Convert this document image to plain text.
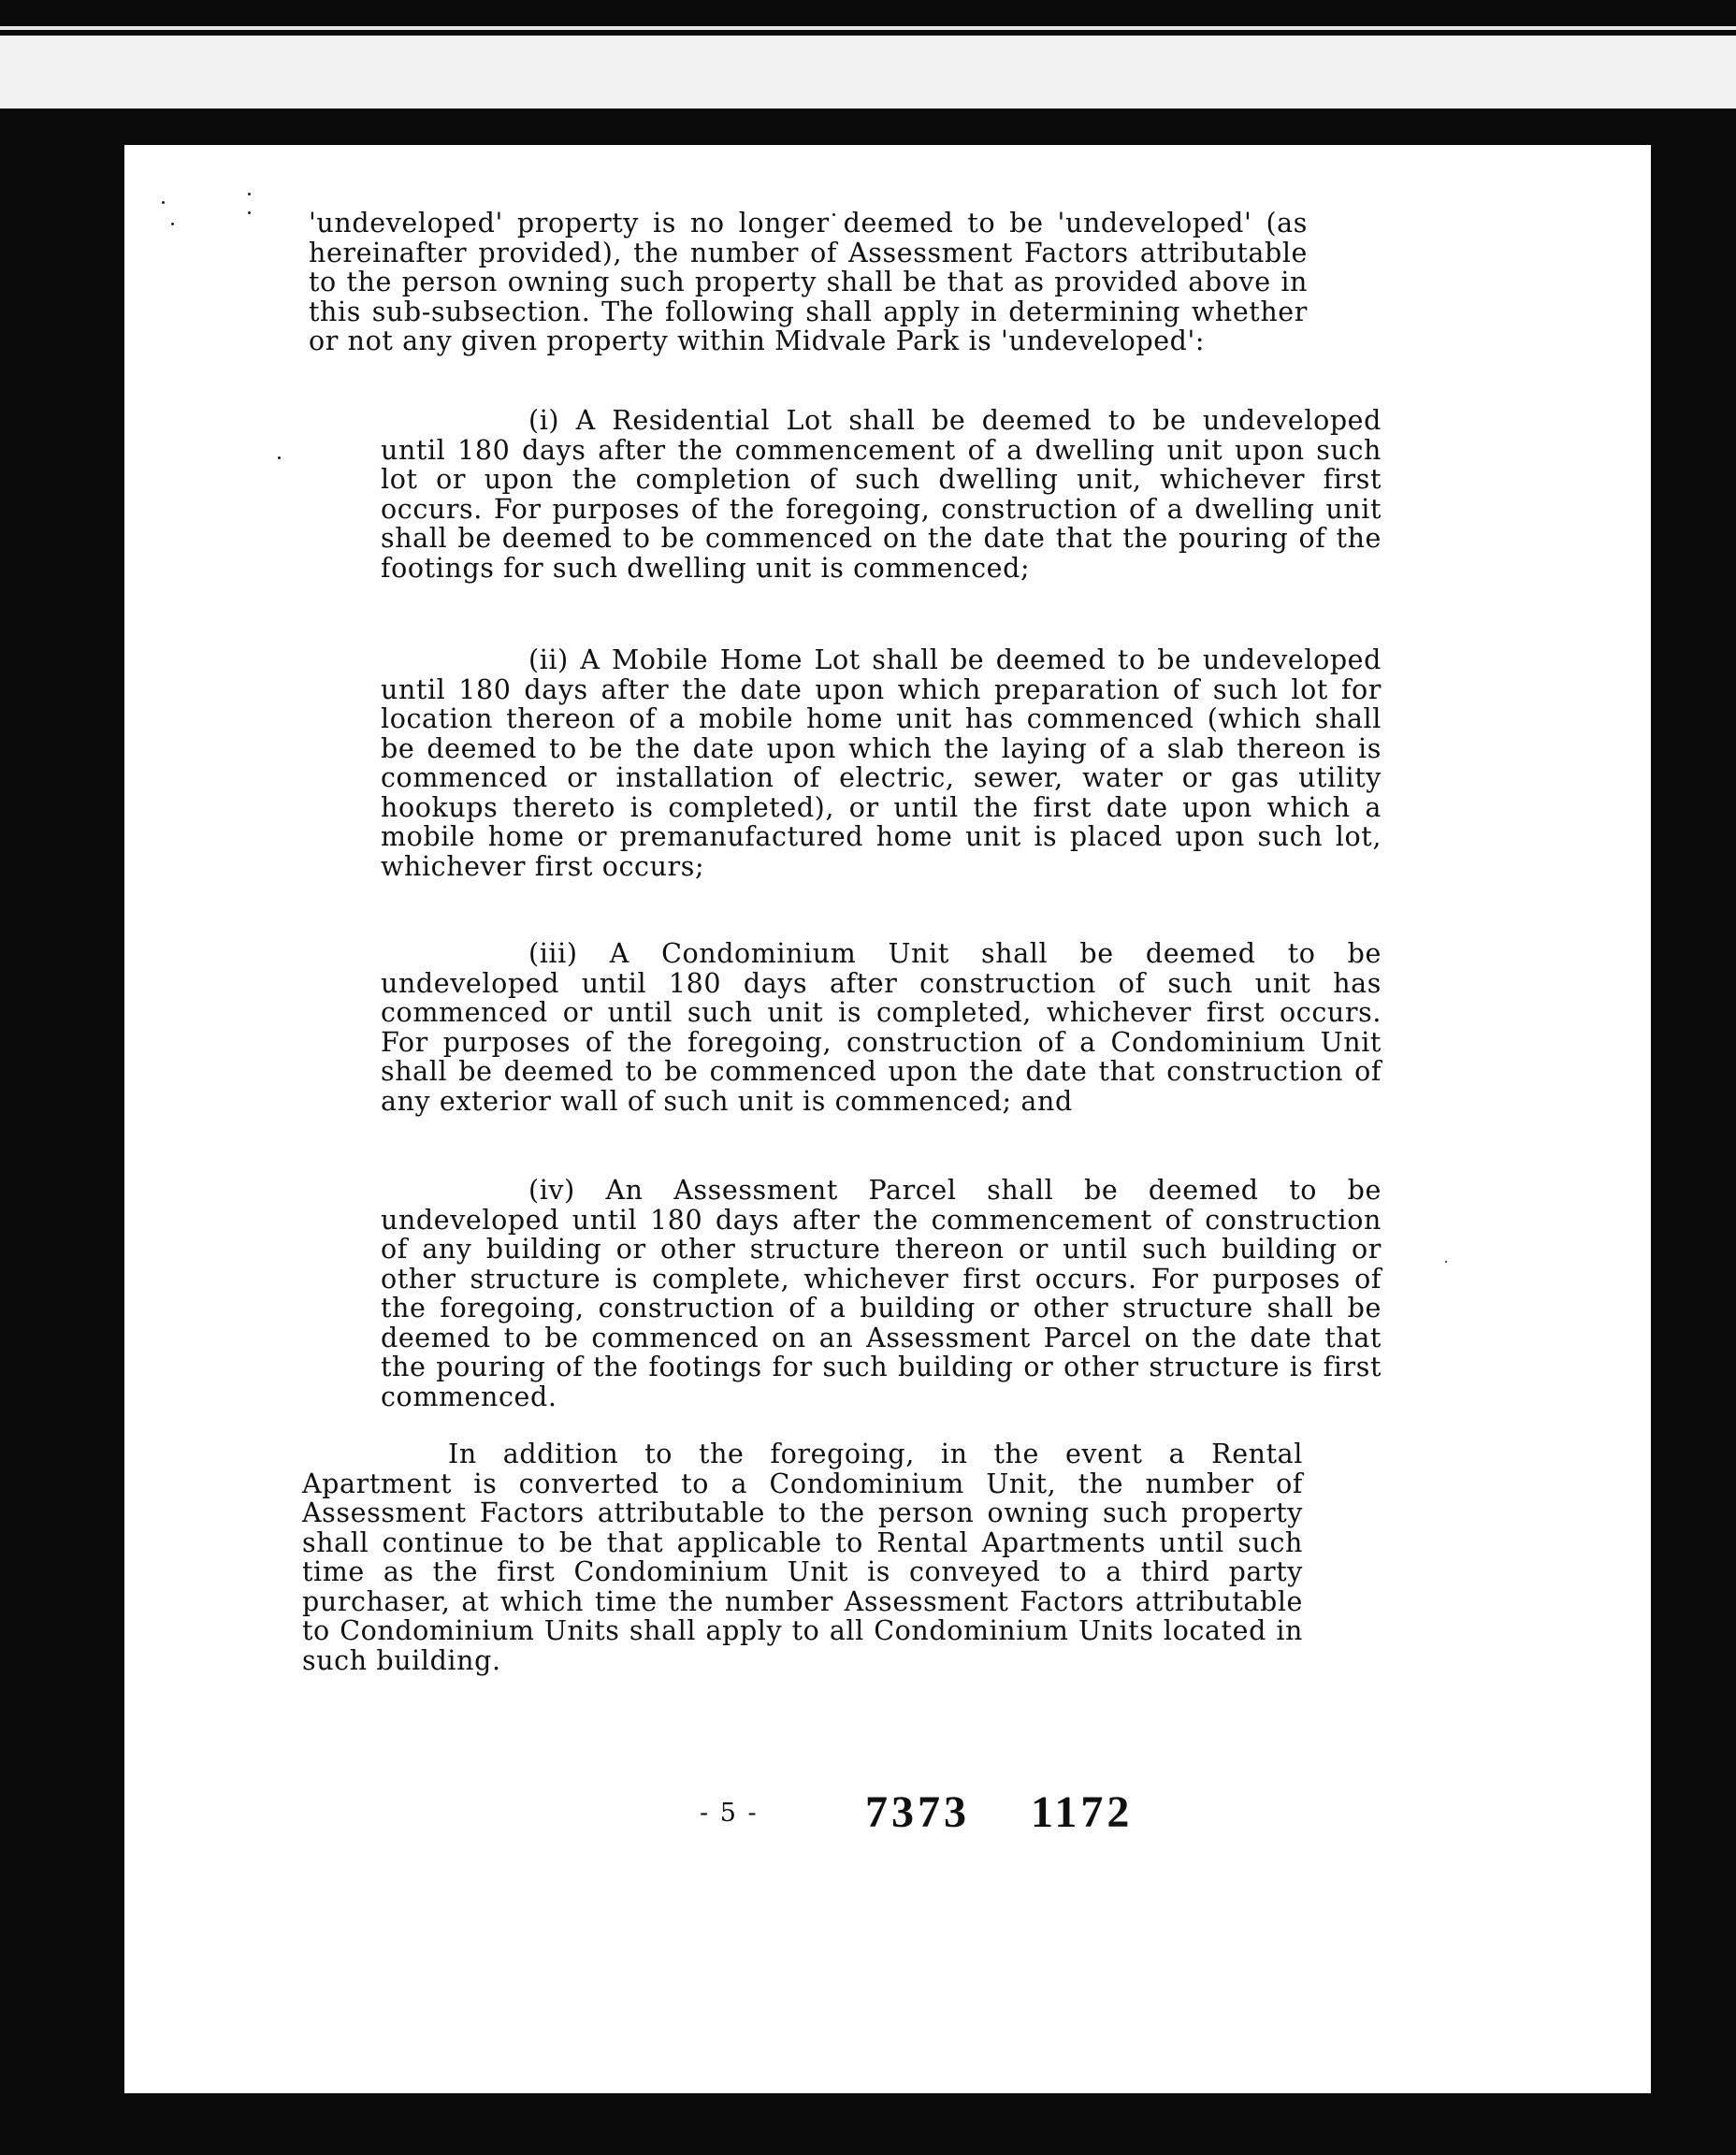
'undeveloped' property is no longer deemed to be 'undeveloped' (as hereinafter provided), the number of Assessment Factors attributable to the person owning such property shall be that as provided above in this sub-subsection. The following shall apply in determining whether or not any given property within Midvale Park is 'undeveloped':
(i) A Residential Lot shall be deemed to be undeveloped until 180 days after the commencement of a dwelling unit upon such lot or upon the completion of such dwelling unit, whichever first occurs. For purposes of the foregoing, construction of a dwelling unit shall be deemed to be commenced on the date that the pouring of the footings for such dwelling unit is commenced;
(ii) A Mobile Home Lot shall be deemed to be undeveloped until 180 days after the date upon which preparation of such lot for location thereon of a mobile home unit has commenced (which shall be deemed to be the date upon which the laying of a slab thereon is commenced or installation of electric, sewer, water or gas utility hookups thereto is completed), or until the first date upon which a mobile home or premanufactured home unit is placed upon such lot, whichever first occurs;
(iii) A Condominium Unit shall be deemed to be undeveloped until 180 days after construction of such unit has commenced or until such unit is completed, whichever first occurs. For purposes of the foregoing, construction of a Condominium Unit shall be deemed to be commenced upon the date that construction of any exterior wall of such unit is commenced; and
(iv) An Assessment Parcel shall be deemed to be undeveloped until 180 days after the commencement of construction of any building or other structure thereon or until such building or other structure is complete, whichever first occurs. For purposes of the foregoing, construction of a building or other structure shall be deemed to be commenced on an Assessment Parcel on the date that the pouring of the footings for such building or other structure is first commenced.
In addition to the foregoing, in the event a Rental Apartment is converted to a Condominium Unit, the number of Assessment Factors attributable to the person owning such property shall continue to be that applicable to Rental Apartments until such time as the first Condominium Unit is conveyed to a third party purchaser, at which time the number Assessment Factors attributable to Condominium Units shall apply to all Condominium Units located in such building.
- 5 - 7373 1172
